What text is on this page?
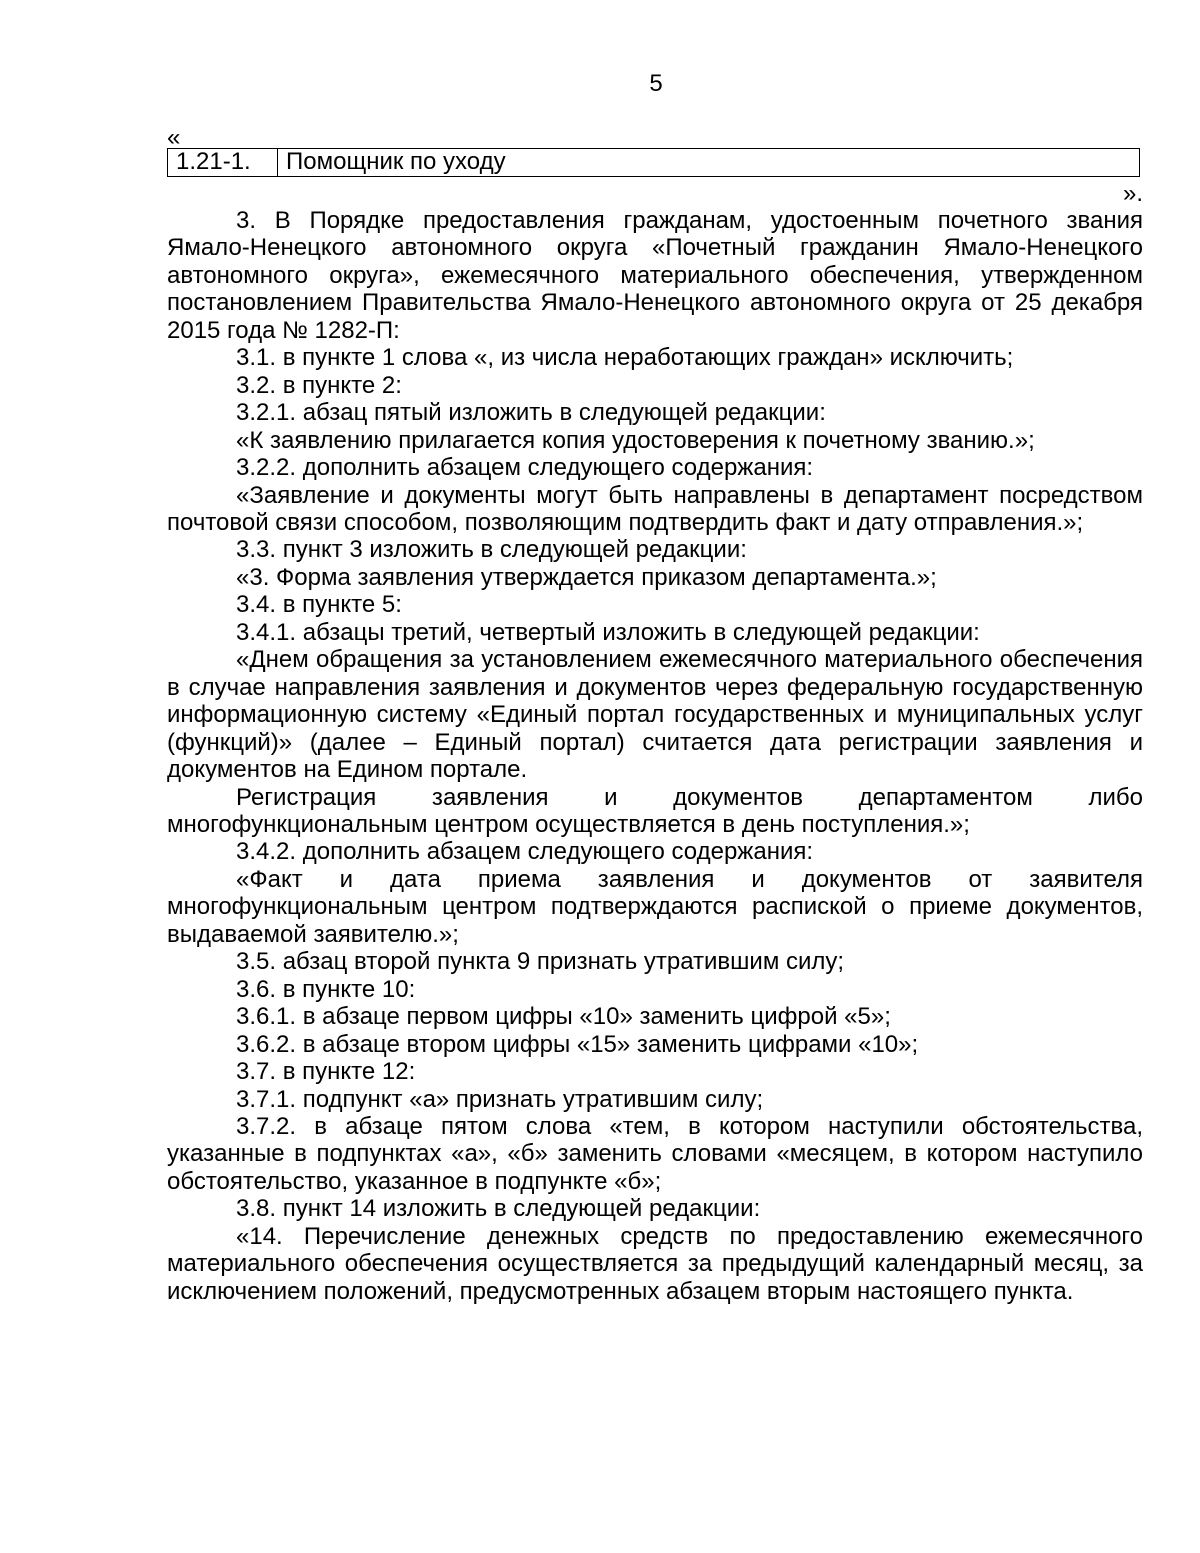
5
«
1.21-1.	Помощник по уходу
».

3. В Порядке предоставления гражданам, удостоенным почетного звания Ямало-Ненецкого автономного округа «Почетный гражданин Ямало-Ненецкого автономного округа», ежемесячного материального обеспечения, утвержденном постановлением Правительства Ямало-Ненецкого автономного округа от 25 декабря 2015 года № 1282-П:

3.1. в пункте 1 слова «, из числа неработающих граждан» исключить;

3.2. в пункте 2:

3.2.1. абзац пятый изложить в следующей редакции:

«К заявлению прилагается копия удостоверения к почетному званию.»;

3.2.2. дополнить абзацем следующего содержания:

«Заявление и документы могут быть направлены в департамент посредством почтовой связи способом, позволяющим подтвердить факт и дату отправления.»;

3.3. пункт 3 изложить в следующей редакции:

«3. Форма заявления утверждается приказом департамента.»;

3.4. в пункте 5:

3.4.1. абзацы третий, четвертый изложить в следующей редакции:

«Днем обращения за установлением ежемесячного материального обеспечения в случае направления заявления и документов через федеральную государственную информационную систему «Единый портал государственных и муниципальных услуг (функций)» (далее – Единый портал) считается дата регистрации заявления и документов на Едином портале.

Регистрация заявления и документов департаментом либо многофункциональным центром осуществляется в день поступления.»;

3.4.2. дополнить абзацем следующего содержания:

«Факт и дата приема заявления и документов от заявителя многофункциональным центром подтверждаются распиской о приеме документов, выдаваемой заявителю.»;

3.5. абзац второй пункта 9 признать утратившим силу;

3.6. в пункте 10:

3.6.1. в абзаце первом цифры «10» заменить цифрой «5»;

3.6.2. в абзаце втором цифры «15» заменить цифрами «10»;

3.7. в пункте 12:

3.7.1. подпункт «а» признать утратившим силу;

3.7.2. в абзаце пятом слова «тем, в котором наступили обстоятельства, указанные в подпунктах «а», «б» заменить словами «месяцем, в котором наступило обстоятельство, указанное в подпункте «б»;

3.8. пункт 14 изложить в следующей редакции:

«14. Перечисление денежных средств по предоставлению ежемесячного материального обеспечения осуществляется за предыдущий календарный месяц, за исключением положений, предусмотренных абзацем вторым настоящего пункта.
